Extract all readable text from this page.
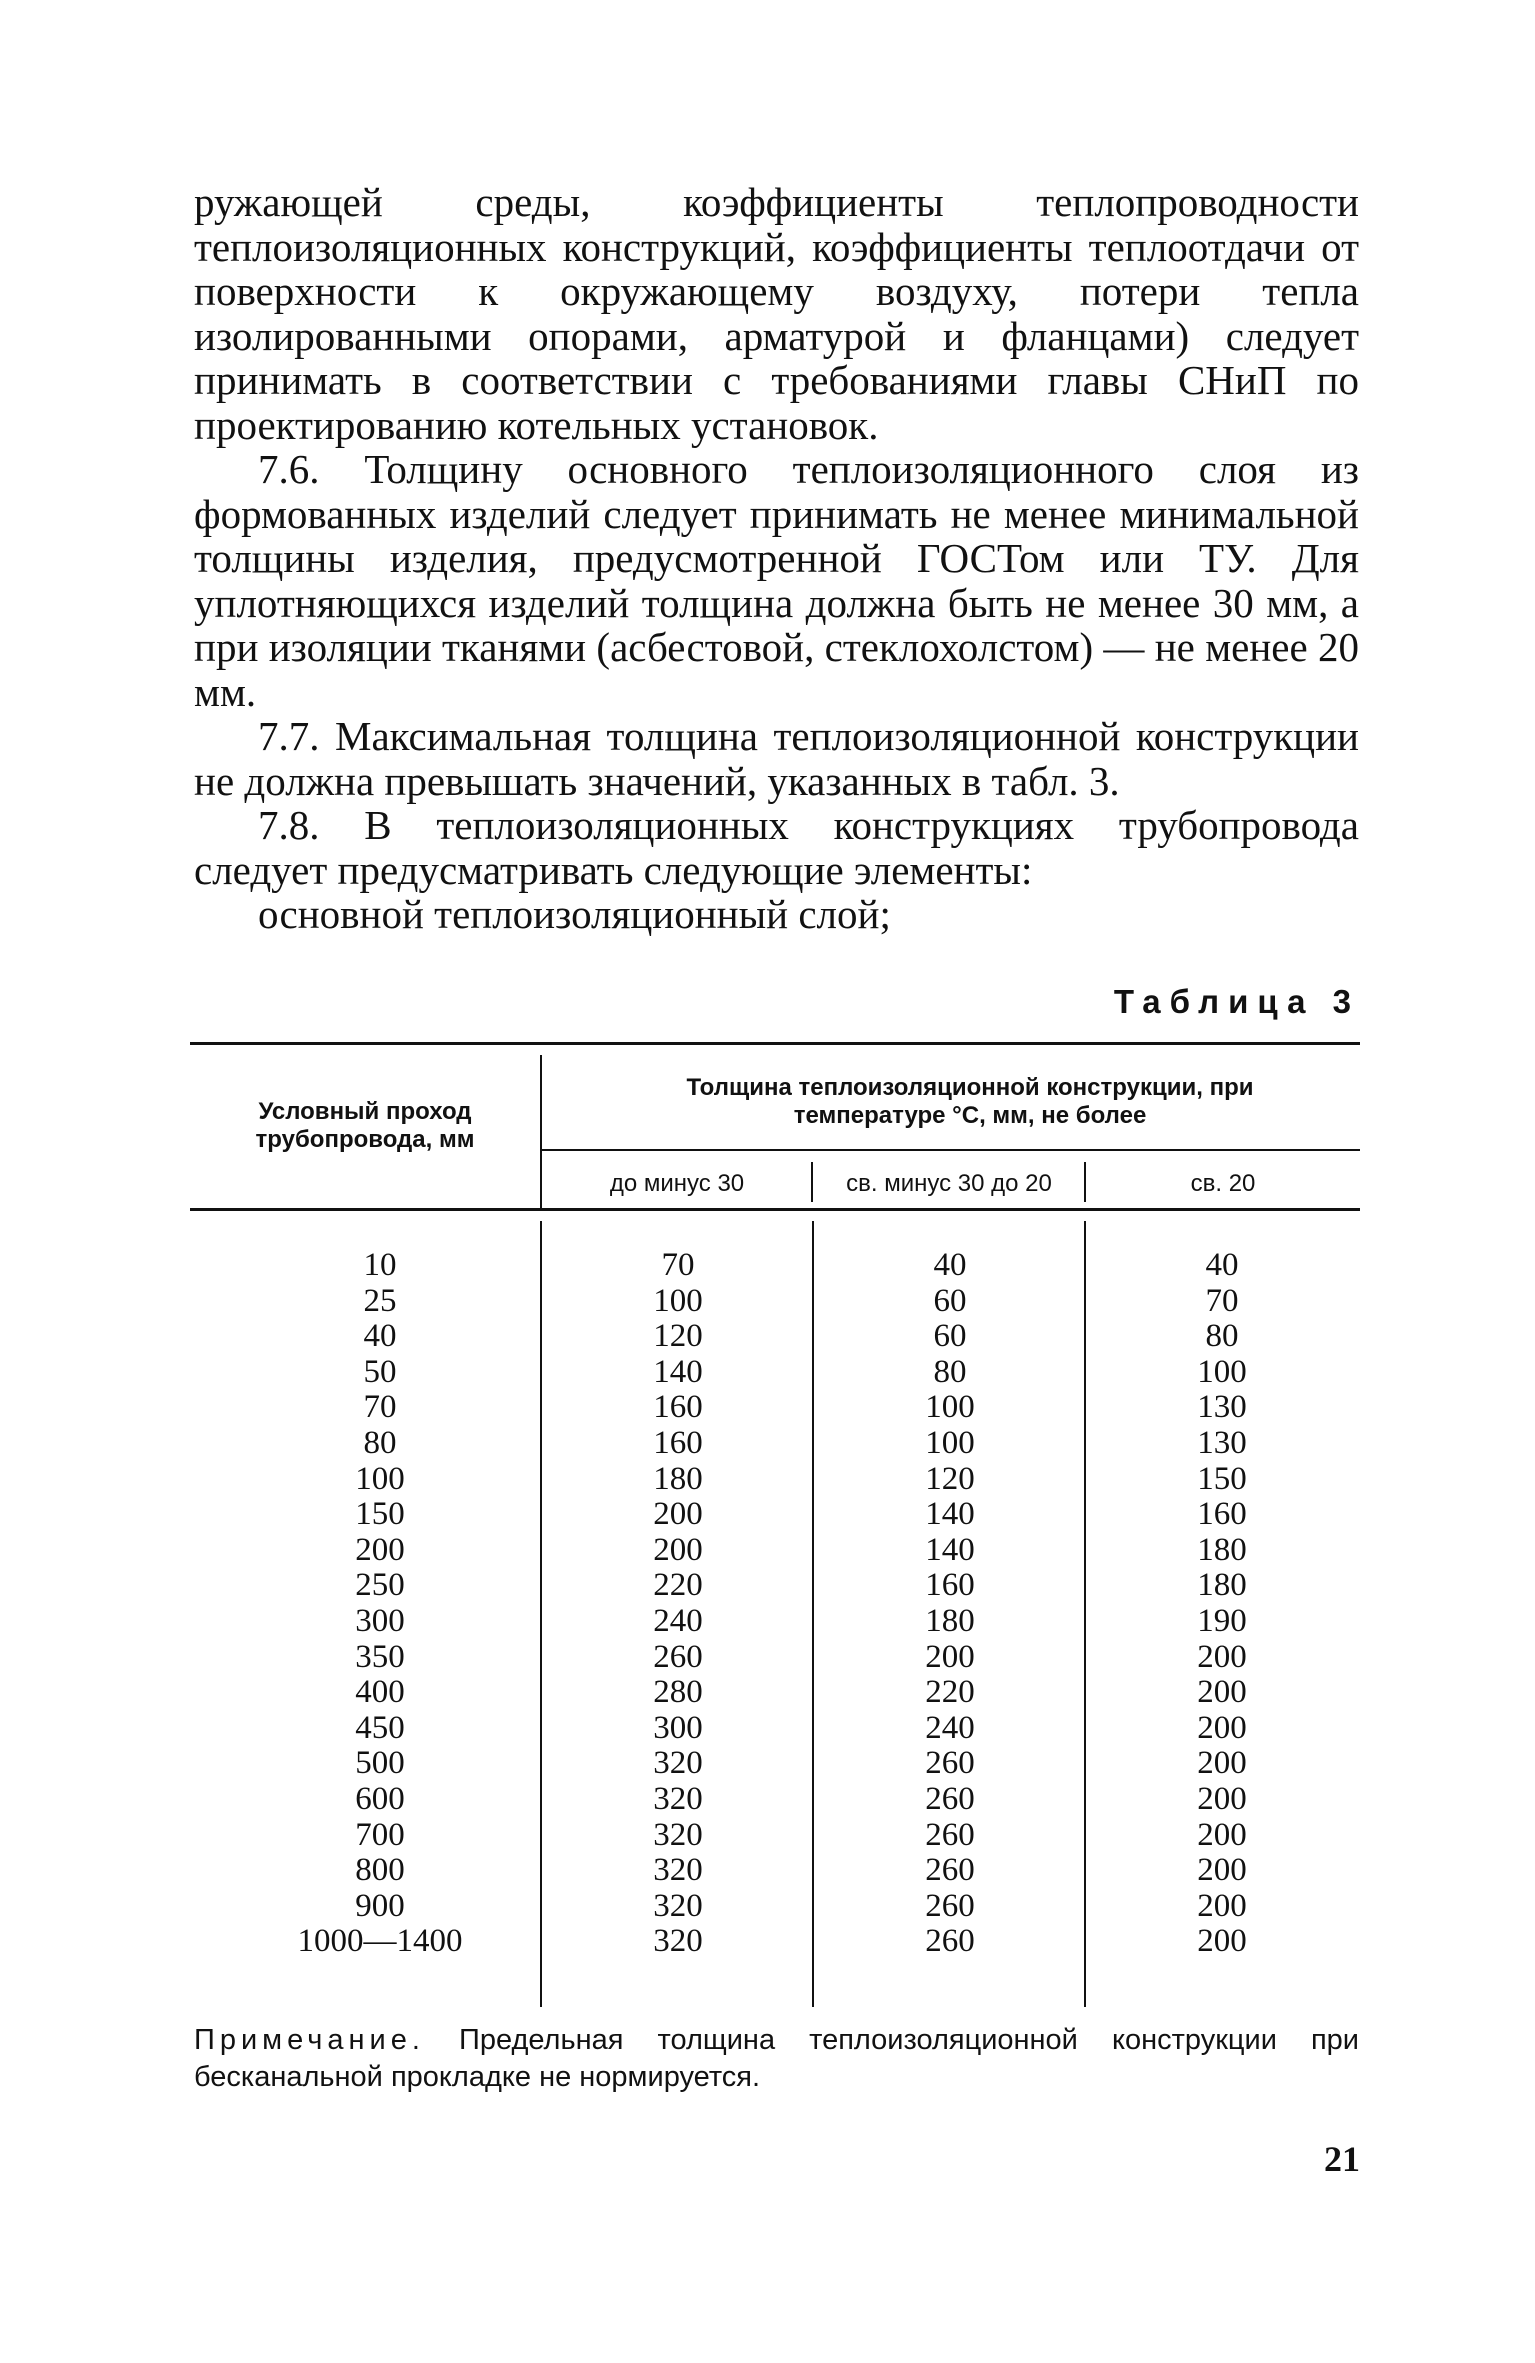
ружающей среды, коэффициенты теплопроводности теплоизоляционных конструкций, коэффициенты теплоотдачи от поверхности к окружающему воздуху, потери тепла изолированными опорами, арматурой и фланцами) следует принимать в соответствии с требованиями главы СНиП по проектированию котельных установок.

7.6. Толщину основного теплоизоляционного слоя из формованных изделий следует принимать не менее минимальной толщины изделия, предусмотренной ГОСТом или ТУ. Для уплотняющихся изделий толщина должна быть не менее 30 мм, а при изоляции тканями (асбестовой, стеклохолстом) — не менее 20 мм.

7.7. Максимальная толщина теплоизоляционной конструкции не должна превышать значений, указанных в табл. 3.

7.8. В теплоизоляционных конструкциях трубопровода следует предусматривать следующие элементы:

основной теплоизоляционный слой;

Таблица 3
Условный проход трубопровода, мм
Толщина теплоизоляционной конструкции, при температуре °С, мм, не более
до минус 30	св. минус 30 до 20	св. 20
10
25
40
50
70
80
100
150
200
250
300
350
400
450
500
600
700
800
900
1000—1400
70
100
120
140
160
160
180
200
200
220
240
260
280
300
320
320
320
320
320
320
40
60
60
80
100
100
120
140
140
160
180
200
220
240
260
260
260
260
260
260
40
70
80
100
130
130
150
160
180
180
190
200
200
200
200
200
200
200
200
200
Примечание. Предельная толщина теплоизоляционной конструкции при бесканальной прокладке не нормируется.
21
